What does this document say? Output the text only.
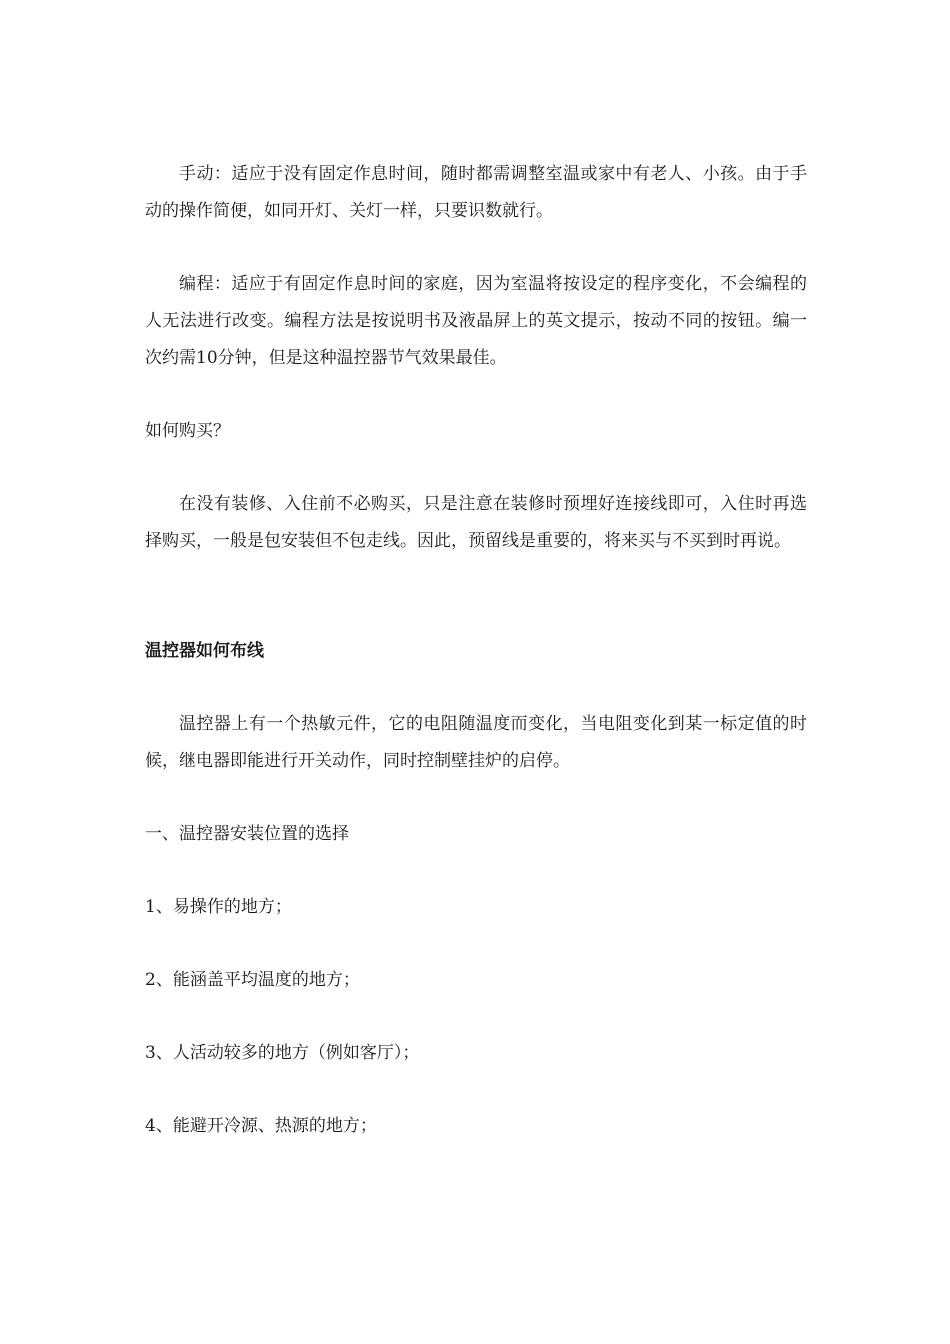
手动：适应于没有固定作息时间，随时都需调整室温或家中有老人、小孩。由于手动的操作简便，如同开灯、关灯一样，只要识数就行。

编程：适应于有固定作息时间的家庭，因为室温将按设定的程序变化，不会编程的人无法进行改变。编程方法是按说明书及液晶屏上的英文提示，按动不同的按钮。编一次约需10分钟，但是这种温控器节气效果最佳。

如何购买？

在没有装修、入住前不必购买，只是注意在装修时预埋好连接线即可，入住时再选择购买，一般是包安装但不包走线。因此，预留线是重要的，将来买与不买到时再说。

温控器如何布线

温控器上有一个热敏元件，它的电阻随温度而变化，当电阻变化到某一标定值的时候，继电器即能进行开关动作，同时控制壁挂炉的启停。

一、温控器安装位置的选择

1、易操作的地方；

2、能涵盖平均温度的地方；

3、人活动较多的地方（例如客厅）；

4、能避开冷源、热源的地方；
